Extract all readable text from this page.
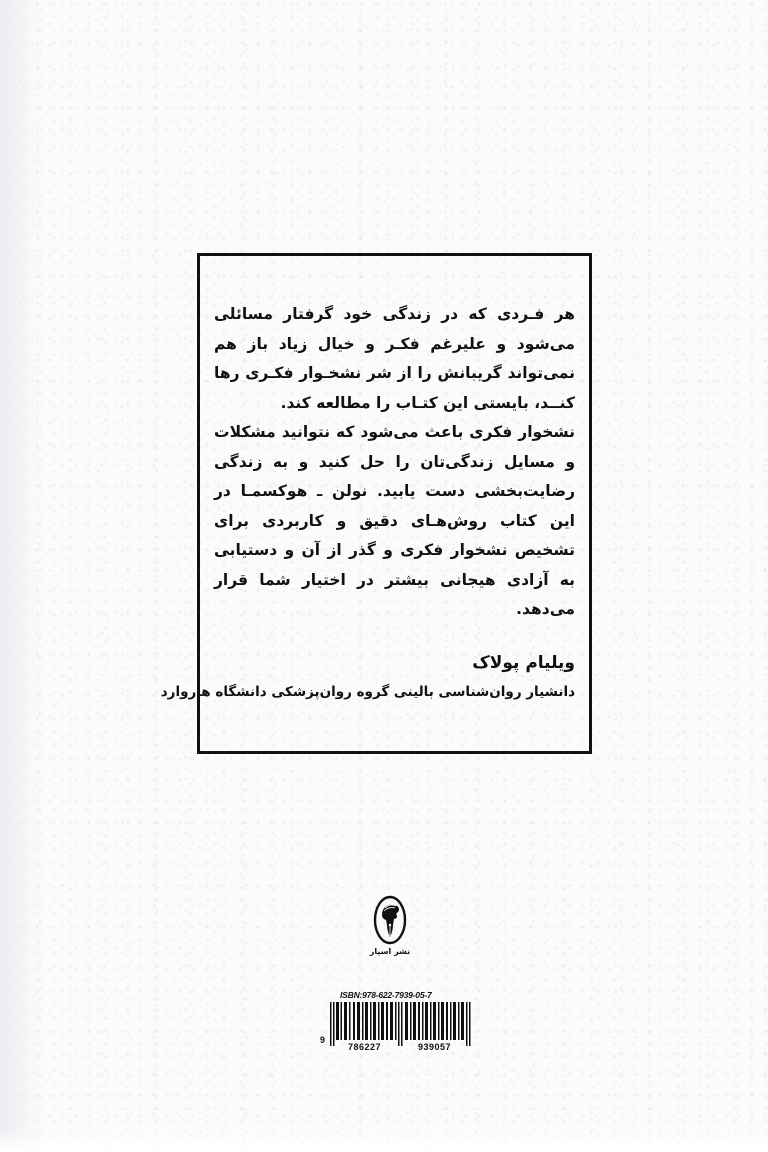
هر فـردی که در زندگی خود گرفتار مسائلی می‌شود و علیرغم فکـر و خیال زیاد باز هم نمی‌تواند گریبانش را از شر نشخـوار فکـری رها کنــد، بایستی این کتـاب را مطالعه کند.

نشخوار فکری باعث می‌شود که نتوانید مشکلات و مسایل زندگی‌تان را حل کنید و به زندگی رضایت‌بخشی دست یابید. نولن ـ هوکسمـا در این کتاب روش‌هـای دقیق و کاربردی برای تشخیص نشخوار فکری و گذر از آن و دستیابی به آزادی هیجانی بیشتر در اختیار شما قرار می‌دهد.

ویلیام پولاک
دانشیار روان‌شناسی بالینی گروه روان‌پزشکی دانشگاه هاروارد
نشر اسپار
ISBN:978-622-7939-05-7
9
786227	939057
